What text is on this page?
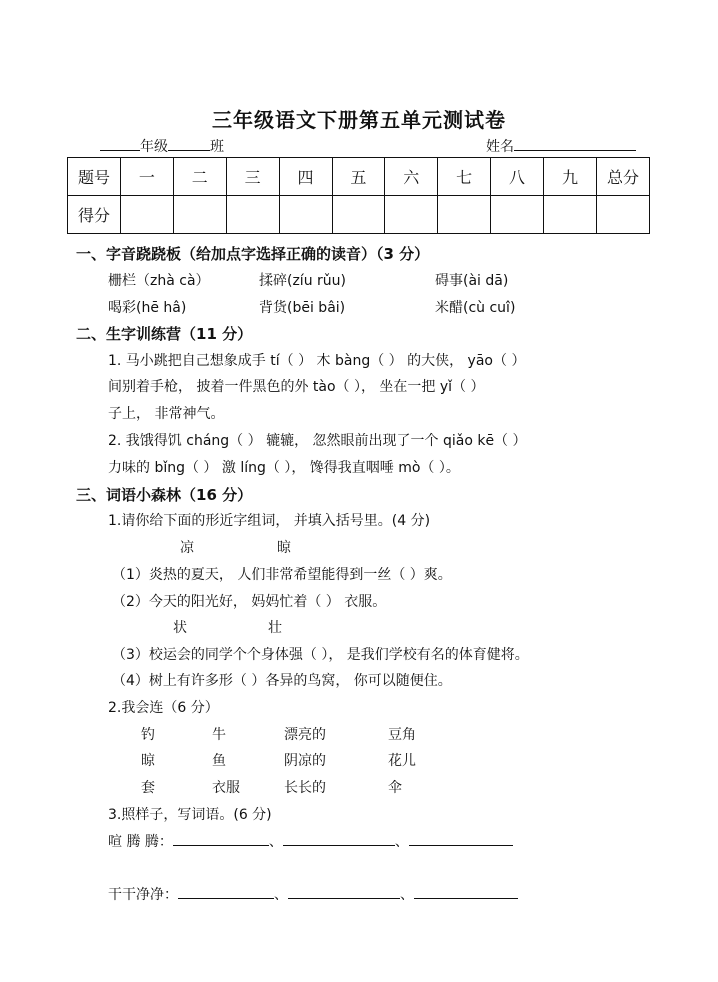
三年级语文下册第五单元测试卷
年级	班	姓名
题号	一	二	三	四	五	六	七	八	九	总分
得分										
一、字音跷跷板（给加点字选择正确的读音）（3 分）
栅栏（zhà cà）	揉碎(zíu rǔu)	碍事(ài dā)
喝彩(hē hâ)	背货(bēi bâi)	米醋(cù cuî)
二、生字训练营（11 分）
1. 马小跳把自己想象成手 tí（ ） 木 bàng（ ） 的大侠， yāo（ ）
间别着手枪， 披着一件黑色的外 tào（ ）， 坐在一把 yǐ（ ）
子上， 非常神气。
2. 我饿得饥 cháng（ ） 辘辘， 忽然眼前出现了一个 qiǎo kē（ ）
力味的 bǐng（ ） 激 líng（ ）， 馋得我直咽唾 mò（ ）。
三、词语小森林（16 分）
1.请你给下面的形近字组词， 并填入括号里。(4 分)
凉	晾
（1）炎热的夏天， 人们非常希望能得到一丝（ ）爽。
（2）今天的阳光好， 妈妈忙着（ ） 衣服。
状	壮
（3）校运会的同学个个身体强（ ）， 是我们学校有名的体育健将。
（4）树上有许多形（ ）各异的鸟窝， 你可以随便住。
2.我会连（6 分）
钓	牛	漂亮的	豆角
晾	鱼	阴凉的	花儿
套	衣服	长长的	伞
3.照样子，写词语。(6 分)
喧 腾 腾：	、	、
干干净净：	、	、
